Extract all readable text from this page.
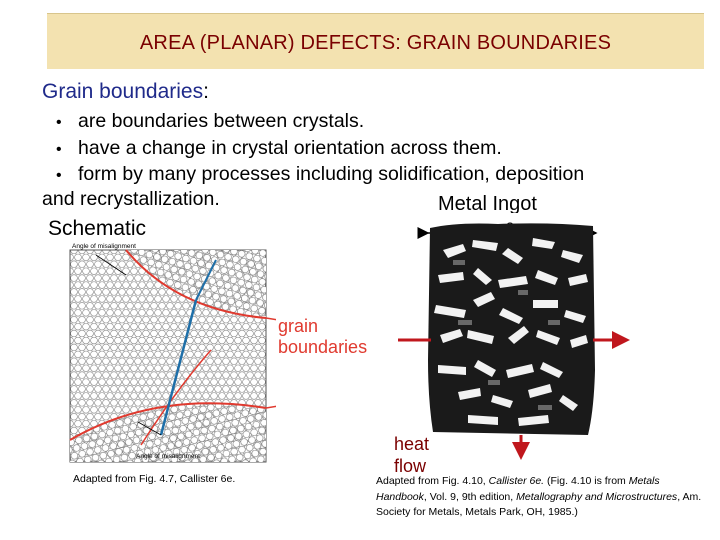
AREA (PLANAR) DEFECTS: GRAIN BOUNDARIES
Grain boundaries:
• are boundaries between crystals.
• have a change in crystal orientation across them.
• form by many processes including solidification, deposition
and recrystallization.	Metal Ingot
Schematic
Angle of misalignment
Angle of misalignment
grain
boundaries
heat
flow
Adapted from Fig. 4.7, Callister 6e.	Adapted from Fig. 4.10, Callister 6e. (Fig. 4.10 is from Metals Handbook, Vol. 9, 9th edition, Metallography and Microstructures, Am. Society for Metals, Metals Park, OH, 1985.)
